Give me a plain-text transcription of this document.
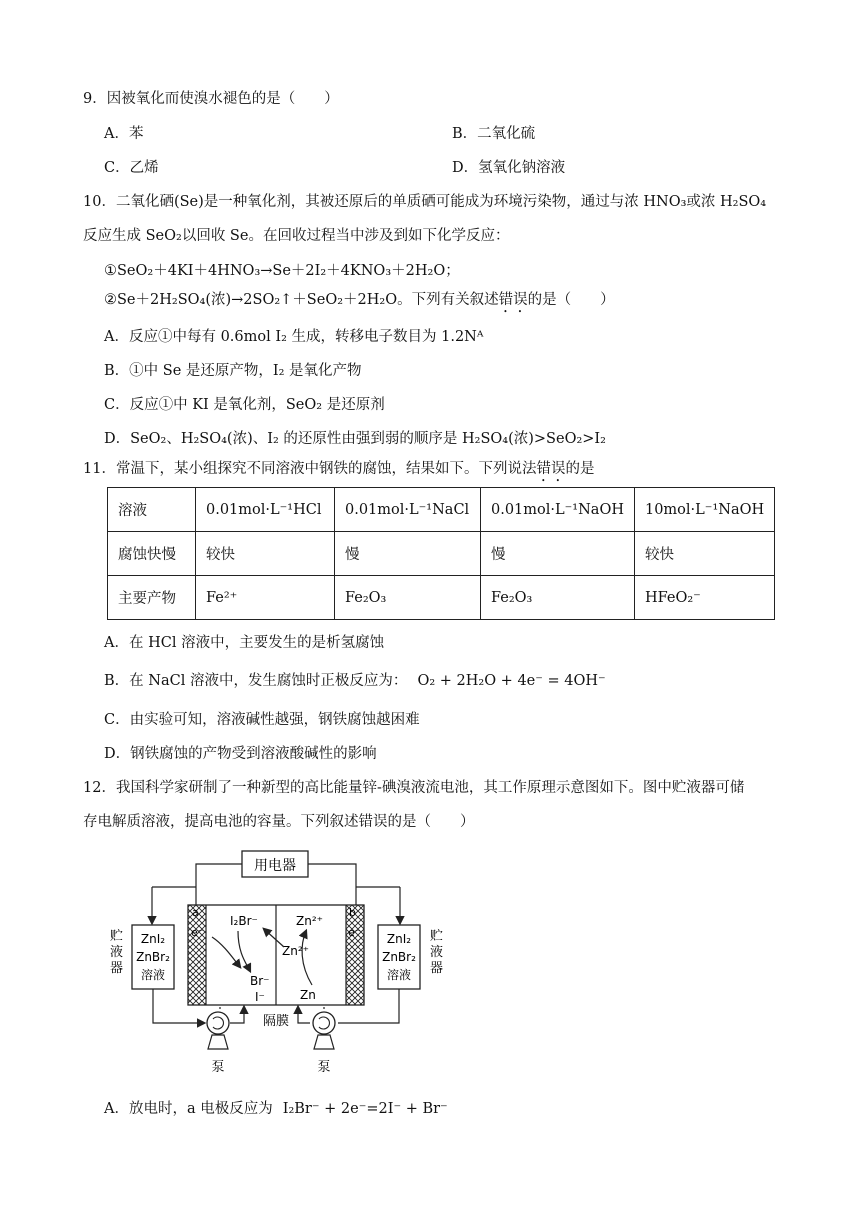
9．因被氧化而使溴水褪色的是（　　）
A．苯	B．二氧化硫
C．乙烯	D．氢氧化钠溶液
10．二氧化硒(Se)是一种氧化剂，其被还原后的单质硒可能成为环境污染物，通过与浓 HNO₃或浓 H₂SO₄
反应生成 SeO₂以回收 Se。在回收过程当中涉及到如下化学反应：
①SeO₂＋4KI＋4HNO₃→Se＋2I₂＋4KNO₃＋2H₂O；
②Se＋2H₂SO₄(浓)→2SO₂↑＋SeO₂＋2H₂O。下列有关叙述错误的是（　　）
A．反应①中每有 0.6mol I₂ 生成，转移电子数目为 1.2Nᴬ
B．①中 Se 是还原产物，I₂ 是氧化产物
C．反应①中 KI 是氧化剂，SeO₂ 是还原剂
D．SeO₂、H₂SO₄(浓)、I₂ 的还原性由强到弱的顺序是 H₂SO₄(浓)>SeO₂>I₂
11．常温下，某小组探究不同溶液中钢铁的腐蚀，结果如下。下列说法错误的是
溶液	0.01mol·L⁻¹HCl	0.01mol·L⁻¹NaCl	0.01mol·L⁻¹NaOH	10mol·L⁻¹NaOH
腐蚀快慢	较快	慢	慢	较快
主要产物	Fe²⁺	Fe₂O₃	Fe₂O₃	HFeO₂⁻
A．在 HCl 溶液中，主要发生的是析氢腐蚀
B．在 NaCl 溶液中，发生腐蚀时正极反应为： O₂ + 2H₂O + 4e⁻ = 4OH⁻
C．由实验可知，溶液碱性越强，钢铁腐蚀越困难
D．钢铁腐蚀的产物受到溶液酸碱性的影响
12．我国科学家研制了一种新型的高比能量锌-碘溴液流电池，其工作原理示意图如下。图中贮液器可储
存电解质溶液，提高电池的容量。下列叙述错误的是（　　）
用电器
a	b
e⁻	e⁻
I₂Br⁻
Br⁻
I⁻
Zn²⁺
Zn²⁺
Zn
贮液器
ZnI₂
ZnBr₂
溶液
ZnI₂
ZnBr₂
溶液
隔膜
泵	泵
贮液器
A．放电时，a 电极反应为 I₂Br⁻ + 2e⁻=2I⁻ + Br⁻
